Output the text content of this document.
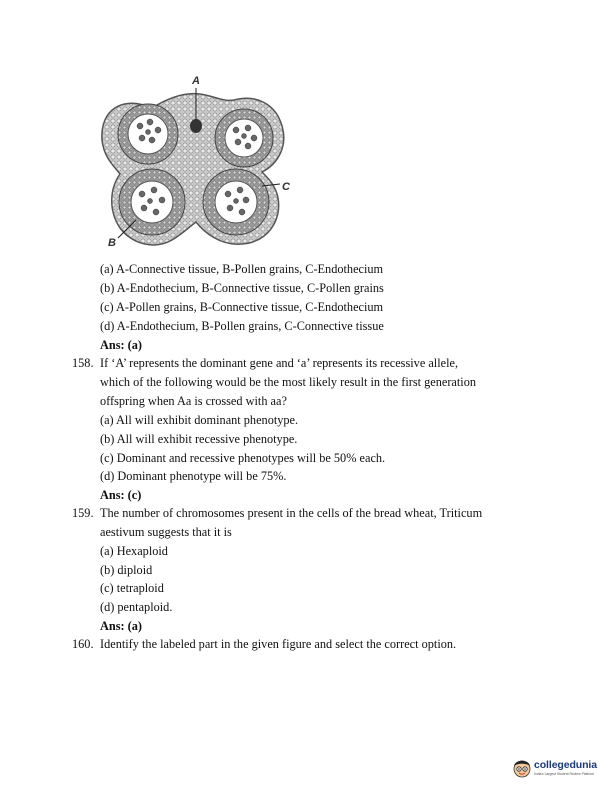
A
C
B
(a) A-Connective tissue, B-Pollen grains, C-Endothecium
(b) A-Endothecium, B-Connective tissue, C-Pollen grains
(c) A-Pollen grains, B-Connective tissue, C-Endothecium
(d) A-Endothecium, B-Pollen grains, C-Connective tissue
Ans: (a)
158. If ‘A’ represents the dominant gene and ‘a’ represents its recessive allele,
which of the following would be the most likely result in the first generation
offspring when Aa is crossed with aa?
(a) All will exhibit dominant phenotype.
(b) All will exhibit recessive phenotype.
(c) Dominant and recessive phenotypes will be 50% each.
(d) Dominant phenotype will be 75%.
Ans: (c)
159. The number of chromosomes present in the cells of the bread wheat, Triticum
aestivum suggests that it is
(a) Hexaploid
(b) diploid
(c) tetraploid
(d) pentaploid.
Ans: (a)
160. Identify the labeled part in the given figure and select the correct option.
collegedunia
India's Largest Student Review Platform
